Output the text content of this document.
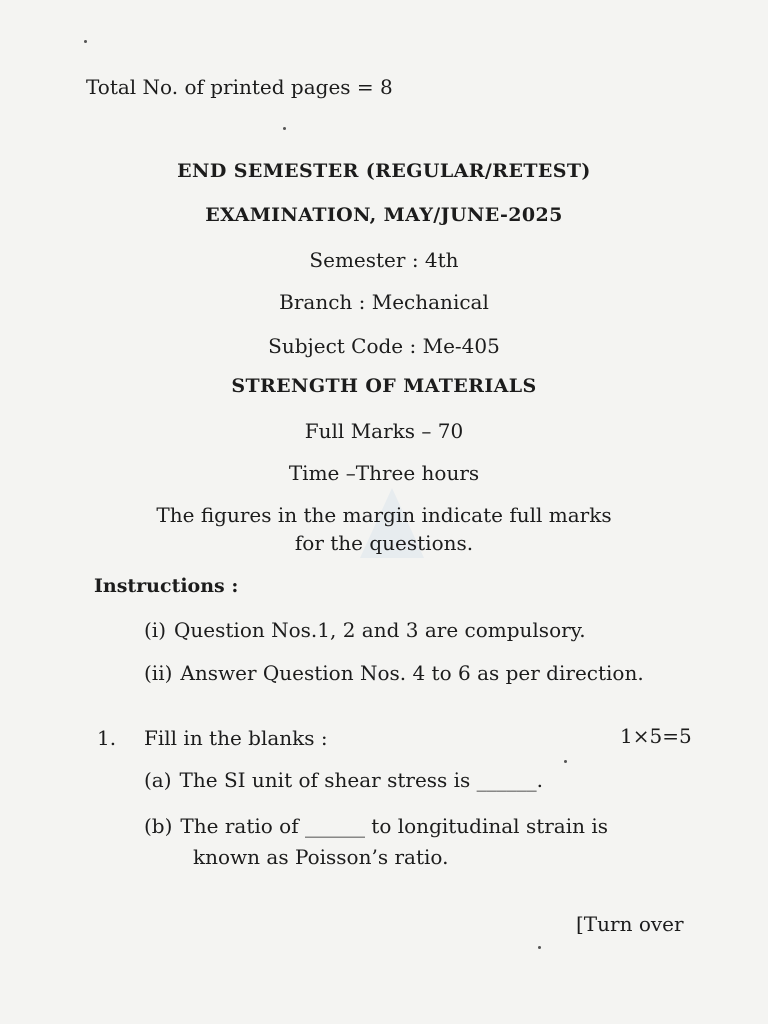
Total No. of printed pages = 8
END SEMESTER (REGULAR/RETEST)
EXAMINATION, MAY/JUNE-2025
Semester : 4th
Branch : Mechanical
Subject Code : Me-405
STRENGTH OF MATERIALS
Full Marks – 70
Time –Three hours
The figures in the margin indicate full marks
for the questions.
Instructions :
(i) Question Nos.1, 2 and 3 are compulsory.
(ii) Answer Question Nos. 4 to 6 as per direction.
1. Fill in the blanks :	1×5=5
(a) The SI unit of shear stress is ______.
(b) The ratio of ______ to longitudinal strain is
known as Poisson’s ratio.
[Turn over
